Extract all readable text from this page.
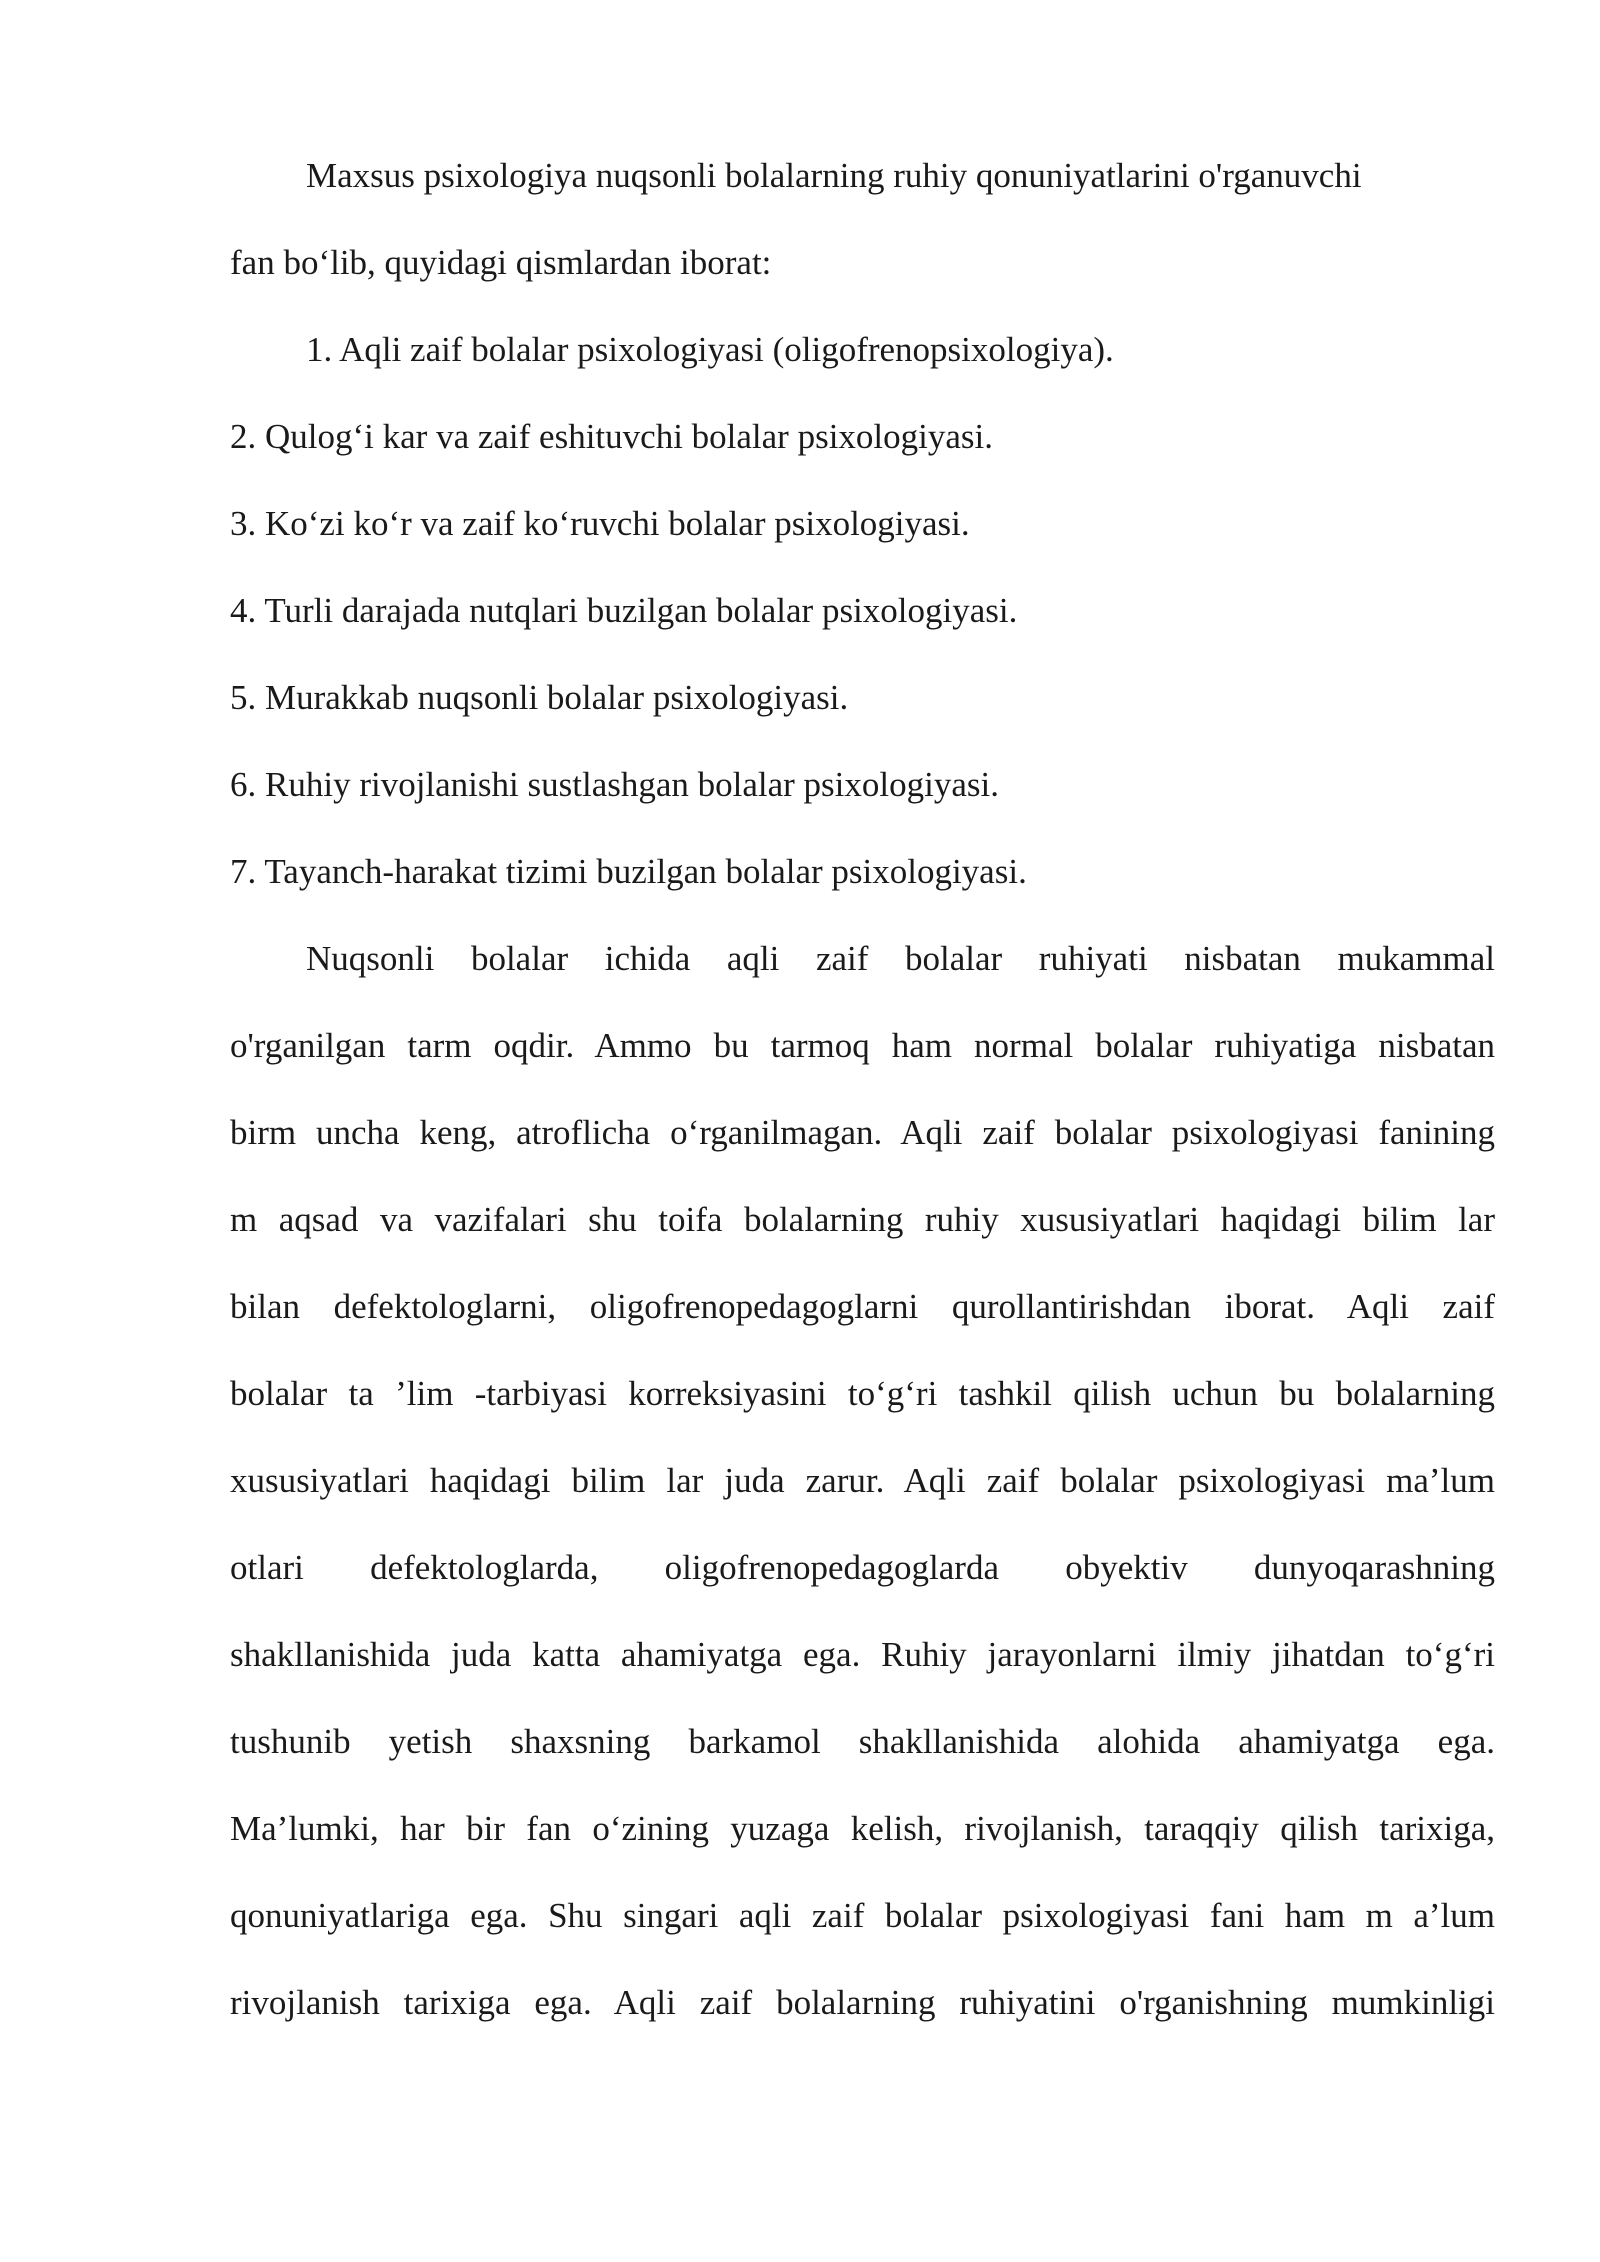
Maxsus psixologiya nuqsonli bolalarning ruhiy qonuniyatlarini o'rganuvchi

fan bo‘lib, quyidagi qismlardan iborat:

1. Aqli zaif bolalar psixologiyasi (oligofrenopsixologiya).

2. Qulog‘i kar va zaif eshituvchi bolalar psixologiyasi.

3. Ko‘zi ko‘r va zaif ko‘ruvchi bolalar psixologiyasi.

4. Turli darajada nutqlari buzilgan bolalar psixologiyasi.

5. Murakkab nuqsonli bolalar psixologiyasi.

6. Ruhiy rivojlanishi sustlashgan bolalar psixologiyasi.

7. Tayanch-harakat tizimi buzilgan bolalar psixologiyasi.

Nuqsonli bolalar ichida aqli zaif bolalar ruhiyati nisbatan mukammal

o'rganilgan tarm oqdir. Ammo bu tarmoq ham normal bolalar ruhiyatiga nisbatan

birm uncha keng, atroflicha o‘rganilmagan. Aqli zaif bolalar psixologiyasi fanining

m aqsad va vazifalari shu toifa bolalarning ruhiy xususiyatlari haqidagi bilim lar

bilan defektologlarni, oligofrenopedagoglarni qurollantirishdan iborat. Aqli zaif

bolalar ta ’lim -tarbiyasi korreksiyasini to‘g‘ri tashkil qilish uchun bu bolalarning

xususiyatlari haqidagi bilim lar juda zarur. Aqli zaif bolalar psixologiyasi ma’lum

otlari defektologlarda, oligofrenopedagoglarda obyektiv dunyoqarashning

shakllanishida juda katta ahamiyatga ega. Ruhiy jarayonlarni ilmiy jihatdan to‘g‘ri

tushunib yetish shaxsning barkamol shakllanishida alohida ahamiyatga ega.

Ma’lumki, har bir fan o‘zining yuzaga kelish, rivojlanish, taraqqiy qilish tarixiga,

qonuniyatlariga ega. Shu singari aqli zaif bolalar psixologiyasi fani ham m a’lum

rivojlanish tarixiga ega. Aqli zaif bolalarning ruhiyatini o'rganishning mumkinligi
